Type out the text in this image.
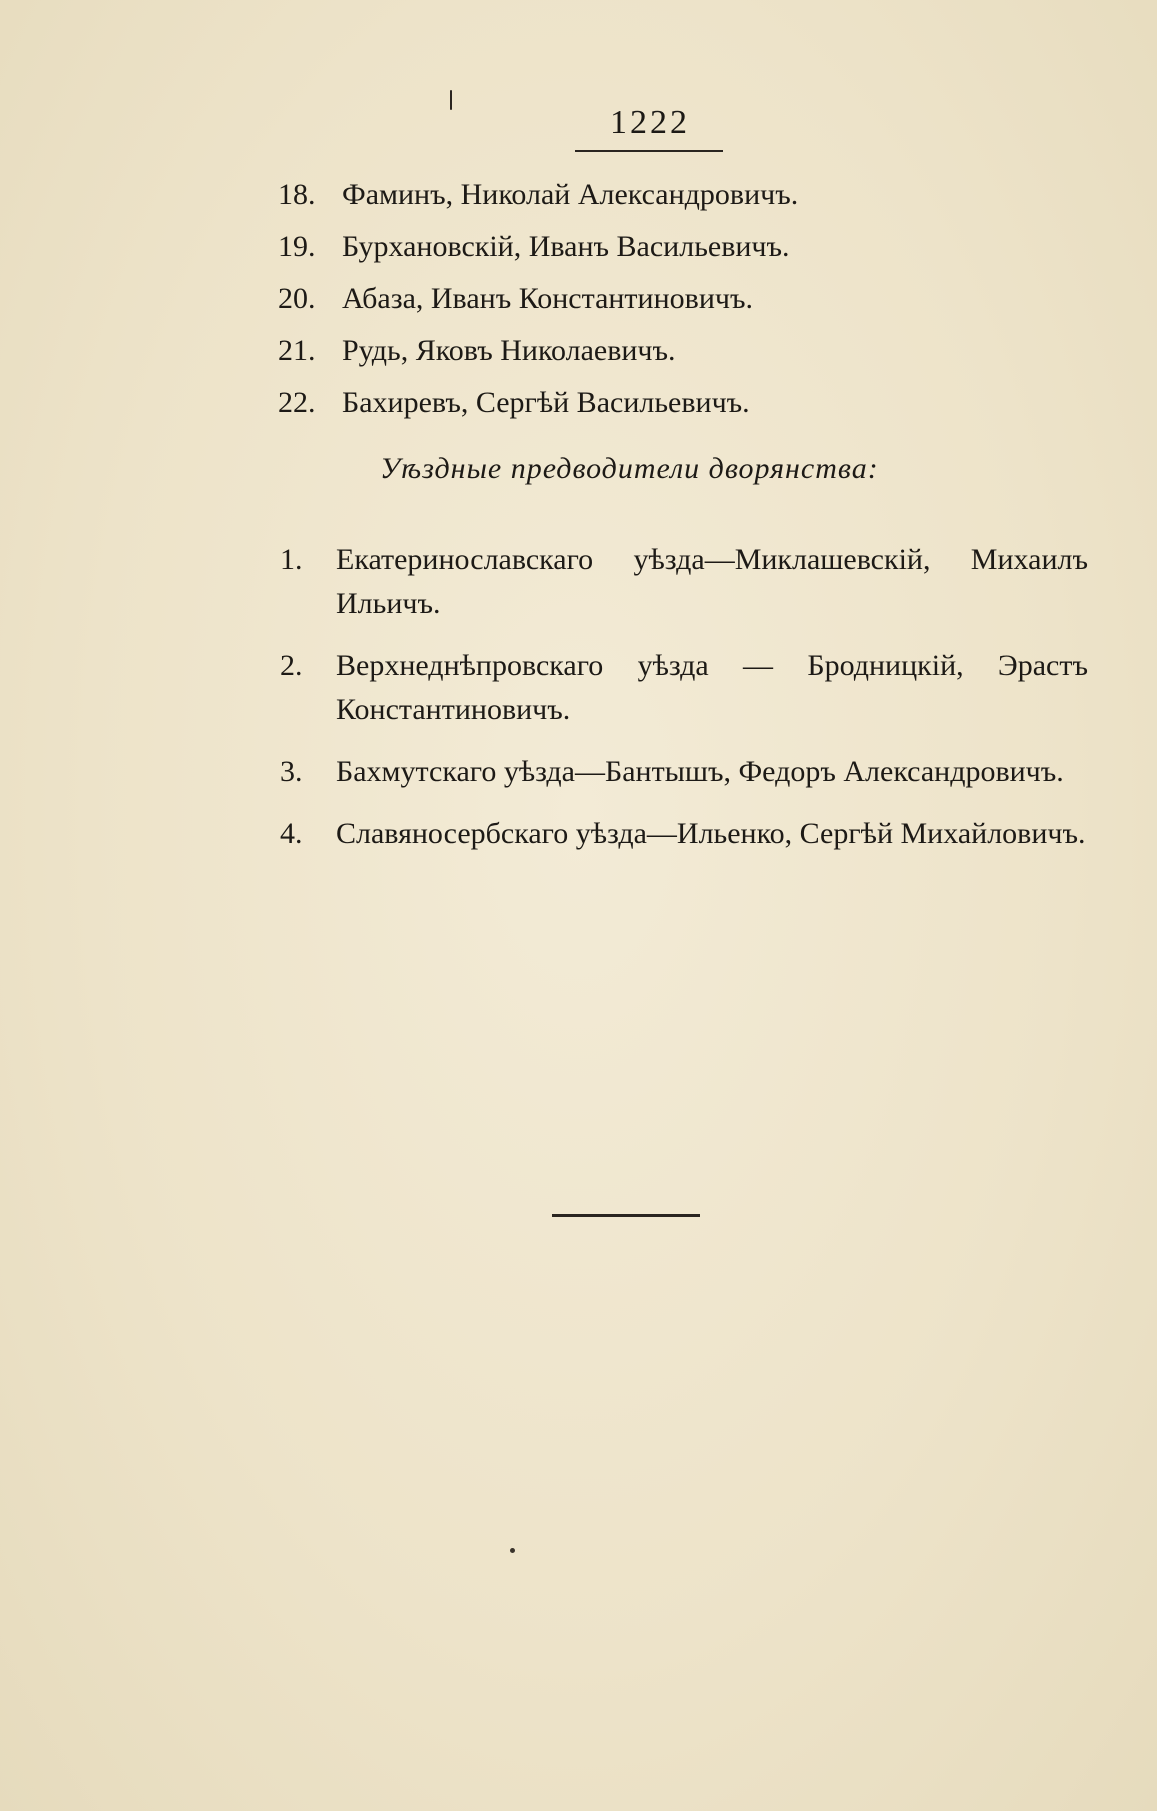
1222
18. Фаминъ, Николай Александровичъ.
19. Бурхановскій, Иванъ Васильевичъ.
20. Абаза, Иванъ Константиновичъ.
21. Рудь, Яковъ Николаевичъ.
22. Бахиревъ, Сергѣй Васильевичъ.
Уѣздные предводители дворянства:
1.	Екатеринославскаго уѣзда—Миклашевскій, Михаилъ Ильичъ.
2.	Верхнеднѣпровскаго уѣзда — Бродницкій, Эрастъ Константиновичъ.
3.	Бахмутскаго уѣзда—Бантышъ, Федоръ Александровичъ.
4.	Славяносербскаго уѣзда—Ильенко, Сергѣй Михайловичъ.
